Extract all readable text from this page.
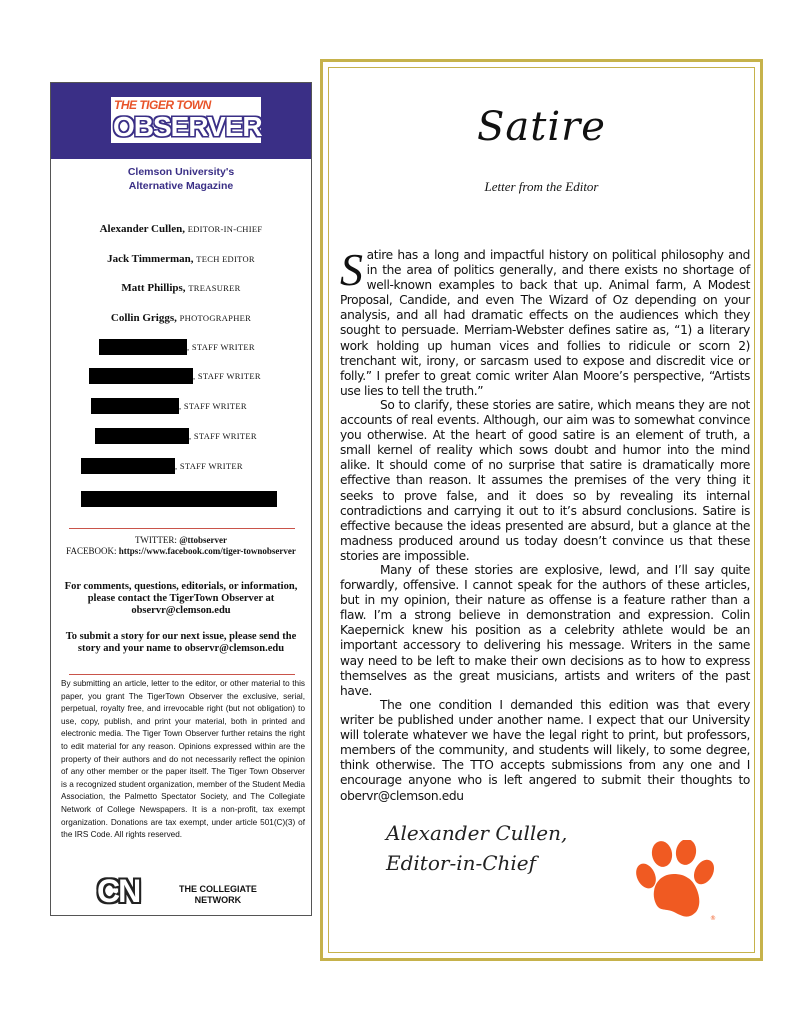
THE TIGER TOWN
OBSERVER
Clemson University's
Alternative Magazine
Alexander Cullen, EDITOR-IN-CHIEF
Jack Timmerman, TECH EDITOR
Matt Phillips, TREASURER
Collin Griggs, PHOTOGRAPHER
, STAFF WRITER
, STAFF WRITER
, STAFF WRITER
, STAFF WRITER
, STAFF WRITER
TWITTER: @ttobserver
FACEBOOK: https://www.facebook.com/tiger-townobserver
For comments, questions, editorials, or information, please contact the TigerTown Observer at observr@clemson.edu
To submit a story for our next issue, please send the story and your name to observr@clemson.edu
By submitting an article, letter to the editor, or other material to this paper, you grant The TigerTown Observer the exclusive, serial, perpetual, royalty free, and irrevocable right (but not obligation) to use, copy, publish, and print your material, both in printed and electronic media. The Tiger Town Observer further retains the right to edit material for any reason. Opinions expressed within are the property of their authors and do not necessarily reflect the opinion of any other member or the paper itself. The Tiger Town Observer is a recognized student organization, member of the Student Media Association, the Palmetto Spectator Society, and The Collegiate Network of College Newspapers. It is a non-profit, tax exempt organization. Donations are tax exempt, under article 501(C)(3) of the IRS Code. All rights reserved.
CN	THE COLLEGIATE
NETWORK
Satire
Letter from the Editor
Satire has a long and impactful history on political philosophy and in the area of politics generally, and there exists no shortage of well-known examples to back that up. Animal farm, A Modest Proposal, Candide, and even The Wizard of Oz depending on your analysis, and all had dramatic effects on the audiences which they sought to persuade. Merriam-Webster defines satire as, “1) a literary work holding up human vices and follies to ridicule or scorn 2) trenchant wit, irony, or sarcasm used to expose and discredit vice or folly.” I prefer to great comic writer Alan Moore’s perspective, “Artists use lies to tell the truth.”
So to clarify, these stories are satire, which means they are not accounts of real events. Although, our aim was to somewhat convince you otherwise. At the heart of good satire is an element of truth, a small kernel of reality which sows doubt and humor into the mind alike. It should come of no surprise that satire is dramatically more effective than reason. It assumes the premises of the very thing it seeks to prove false, and it does so by revealing its internal contradictions and carrying it out to it’s absurd conclusions. Satire is effective because the ideas presented are absurd, but a glance at the madness produced around us today doesn’t convince us that these stories are impossible.
Many of these stories are explosive, lewd, and I’ll say quite forwardly, offensive. I cannot speak for the authors of these articles, but in my opinion, their nature as offense is a feature rather than a flaw. I’m a strong believe in demonstration and expression. Colin Kaepernick knew his position as a celebrity athlete would be an important accessory to delivering his message. Writers in the same way need to be left to make their own decisions as to how to express themselves as the great musicians, artists and writers of the past have.
The one condition I demanded this edition was that every writer be published under another name. I expect that our University will tolerate whatever we have the legal right to print, but professors, members of the community, and students will likely, to some degree, think otherwise. The TTO accepts submissions from any one and I encourage anyone who is left angered to submit their thoughts to obervr@clemson.edu
Alexander Cullen,
Editor-in-Chief
®
